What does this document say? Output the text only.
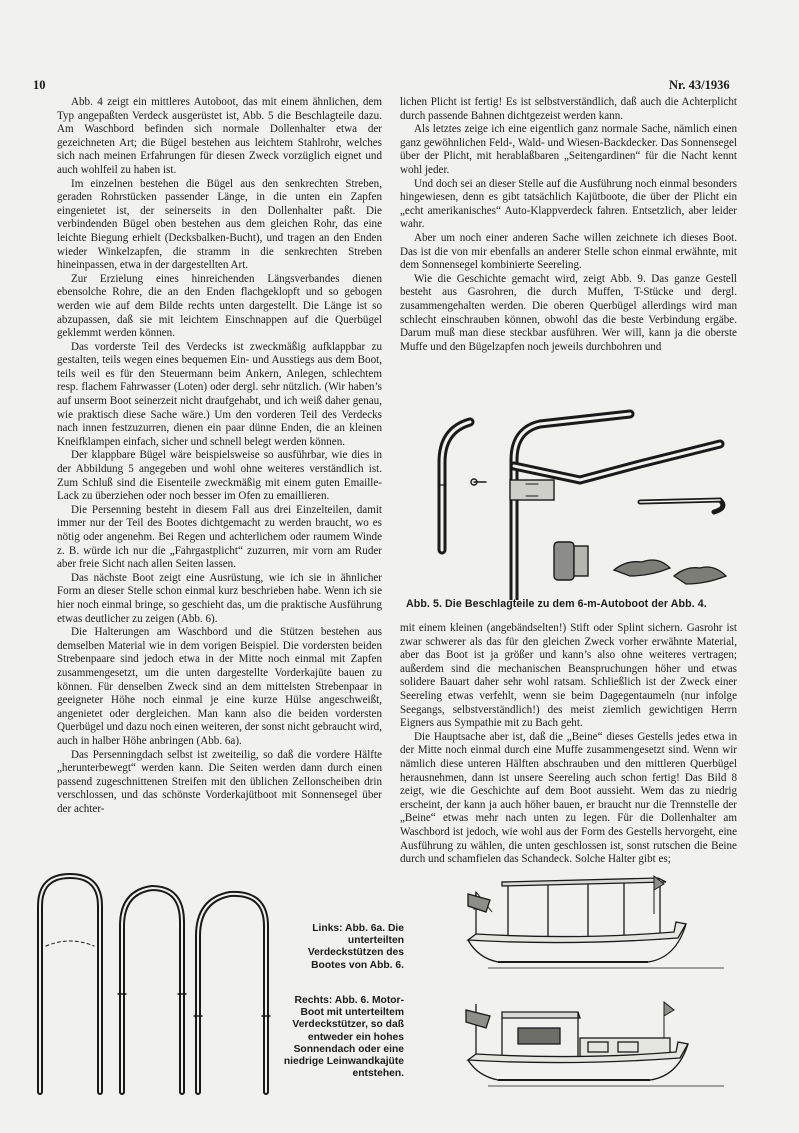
10	Nr. 43/1936

Abb. 4 zeigt ein mittleres Autoboot, das mit einem ähnlichen, dem Typ angepaßten Verdeck ausgerüstet ist, Abb. 5 die Beschlagteile dazu. Am Waschbord befinden sich normale Dollenhalter etwa der gezeichneten Art; die Bügel bestehen aus leichtem Stahlrohr, welches sich nach meinen Erfahrungen für diesen Zweck vorzüglich eignet und auch wohlfeil zu haben ist.

Im einzelnen bestehen die Bügel aus den senkrechten Streben, geraden Rohrstücken passender Länge, in die unten ein Zapfen eingenietet ist, der seinerseits in den Dollenhalter paßt. Die verbindenden Bügel oben bestehen aus dem gleichen Rohr, das eine leichte Biegung erhielt (Decksbalken-Bucht), und tragen an den Enden wieder Winkelzapfen, die stramm in die senkrechten Streben hineinpassen, etwa in der dargestellten Art.

Zur Erzielung eines hinreichenden Längsverbandes dienen ebensolche Rohre, die an den Enden flachgeklopft und so gebogen werden wie auf dem Bilde rechts unten dargestellt. Die Länge ist so abzupassen, daß sie mit leichtem Einschnappen auf die Querbügel geklemmt werden können.

Das vorderste Teil des Verdecks ist zweckmäßig aufklappbar zu gestalten, teils wegen eines bequemen Ein- und Ausstiegs aus dem Boot, teils weil es für den Steuermann beim Ankern, Anlegen, schlechtem resp. flachem Fahrwasser (Loten) oder dergl. sehr nützlich. (Wir haben’s auf unserm Boot seinerzeit nicht draufgehabt, und ich weiß daher genau, wie praktisch diese Sache wäre.) Um den vorderen Teil des Verdecks nach innen festzuzurren, dienen ein paar dünne Enden, die an kleinen Kneifklampen einfach, sicher und schnell belegt werden können.

Der klappbare Bügel wäre beispielsweise so ausführbar, wie dies in der Abbildung 5 angegeben und wohl ohne weiteres verständlich ist. Zum Schluß sind die Eisenteile zweckmäßig mit einem guten Emaille-Lack zu überziehen oder noch besser im Ofen zu emaillieren.

Die Persenning besteht in diesem Fall aus drei Einzelteilen, damit immer nur der Teil des Bootes dichtgemacht zu werden braucht, wo es nötig oder angenehm. Bei Regen und achterlichem oder raumem Winde z. B. würde ich nur die „Fahrgastplicht“ zuzurren, mir vorn am Ruder aber freie Sicht nach allen Seiten lassen.

Das nächste Boot zeigt eine Ausrüstung, wie ich sie in ähnlicher Form an dieser Stelle schon einmal kurz beschrieben habe. Wenn ich sie hier noch einmal bringe, so geschieht das, um die praktische Ausführung etwas deutlicher zu zeigen (Abb. 6).

Die Halterungen am Waschbord und die Stützen bestehen aus demselben Material wie in dem vorigen Beispiel. Die vordersten beiden Strebenpaare sind jedoch etwa in der Mitte noch einmal mit Zapfen zusammengesetzt, um die unten dargestellte Vorderkajüte bauen zu können. Für denselben Zweck sind an dem mittelsten Strebenpaar in geeigneter Höhe noch einmal je eine kurze Hülse angeschweißt, angenietet oder dergleichen. Man kann also die beiden vordersten Querbügel und dazu noch einen weiteren, der sonst nicht gebraucht wird, auch in halber Höhe anbringen (Abb. 6a).

Das Persenningdach selbst ist zweiteilig, so daß die vordere Hälfte „herunterbewegt“ werden kann. Die Seiten werden dann durch einen passend zugeschnittenen Streifen mit den üblichen Zellonscheiben drin verschlossen, und das schönste Vorderkajütboot mit Sonnensegel über der achter-

lichen Plicht ist fertig! Es ist selbstverständlich, daß auch die Achterplicht durch passende Bahnen dichtgezeist werden kann.

Als letztes zeige ich eine eigentlich ganz normale Sache, nämlich einen ganz gewöhnlichen Feld-, Wald- und Wiesen-Backdecker. Das Sonnensegel über der Plicht, mit herablaßbaren „Seitengardinen“ für die Nacht kennt wohl jeder.

Und doch sei an dieser Stelle auf die Ausführung noch einmal besonders hingewiesen, denn es gibt tatsächlich Kajütboote, die über der Plicht ein „echt amerikanisches“ Auto-Klappverdeck fahren. Entsetzlich, aber leider wahr.

Aber um noch einer anderen Sache willen zeichnete ich dieses Boot. Das ist die von mir ebenfalls an anderer Stelle schon einmal erwähnte, mit dem Sonnensegel kombinierte Seereling.

Wie die Geschichte gemacht wird, zeigt Abb. 9. Das ganze Gestell besteht aus Gasrohren, die durch Muffen, T-Stücke und dergl. zusammengehalten werden. Die oberen Querbügel allerdings wird man schlecht einschrauben können, obwohl das die beste Verbindung ergäbe. Darum muß man diese steckbar ausführen. Wer will, kann ja die oberste Muffe und den Bügelzapfen noch jeweils durchbohren und

Abb. 5. Die Beschlagteile zu dem 6-m-Autoboot der Abb. 4.

mit einem kleinen (angebändselten!) Stift oder Splint sichern. Gasrohr ist zwar schwerer als das für den gleichen Zweck vorher erwähnte Material, aber das Boot ist ja größer und kann’s also ohne weiteres vertragen; außerdem sind die mechanischen Beanspruchungen höher und etwas solidere Bauart daher sehr wohl ratsam. Schließlich ist der Zweck einer Seereling etwas verfehlt, wenn sie beim Dagegentaumeln (nur infolge Seegangs, selbstverständlich!) des meist ziemlich gewichtigen Herrn Eigners aus Sympathie mit zu Bach geht.

Die Hauptsache aber ist, daß die „Beine“ dieses Gestells jedes etwa in der Mitte noch einmal durch eine Muffe zusammengesetzt sind. Wenn wir nämlich diese unteren Hälften abschrauben und den mittleren Querbügel herausnehmen, dann ist unsere Seereling auch schon fertig! Das Bild 8 zeigt, wie die Geschichte auf dem Boot aussieht. Wem das zu niedrig erscheint, der kann ja auch höher bauen, er braucht nur die Trennstelle der „Beine“ etwas mehr nach unten zu legen. Für die Dollenhalter am Waschbord ist jedoch, wie wohl aus der Form des Gestells hervorgeht, eine Ausführung zu wählen, die unten geschlossen ist, sonst rutschen die Beine durch und schamfielen das Schandeck. Solche Halter gibt es;

Links: Abb. 6a. Die unterteilten Verdeckstützen des Bootes von Abb. 6.
Rechts: Abb. 6. Motor-Boot mit unterteiltem Verdeckstützer, so daß entweder ein hohes Sonnendach oder eine niedrige Leinwandkajüte entstehen.
